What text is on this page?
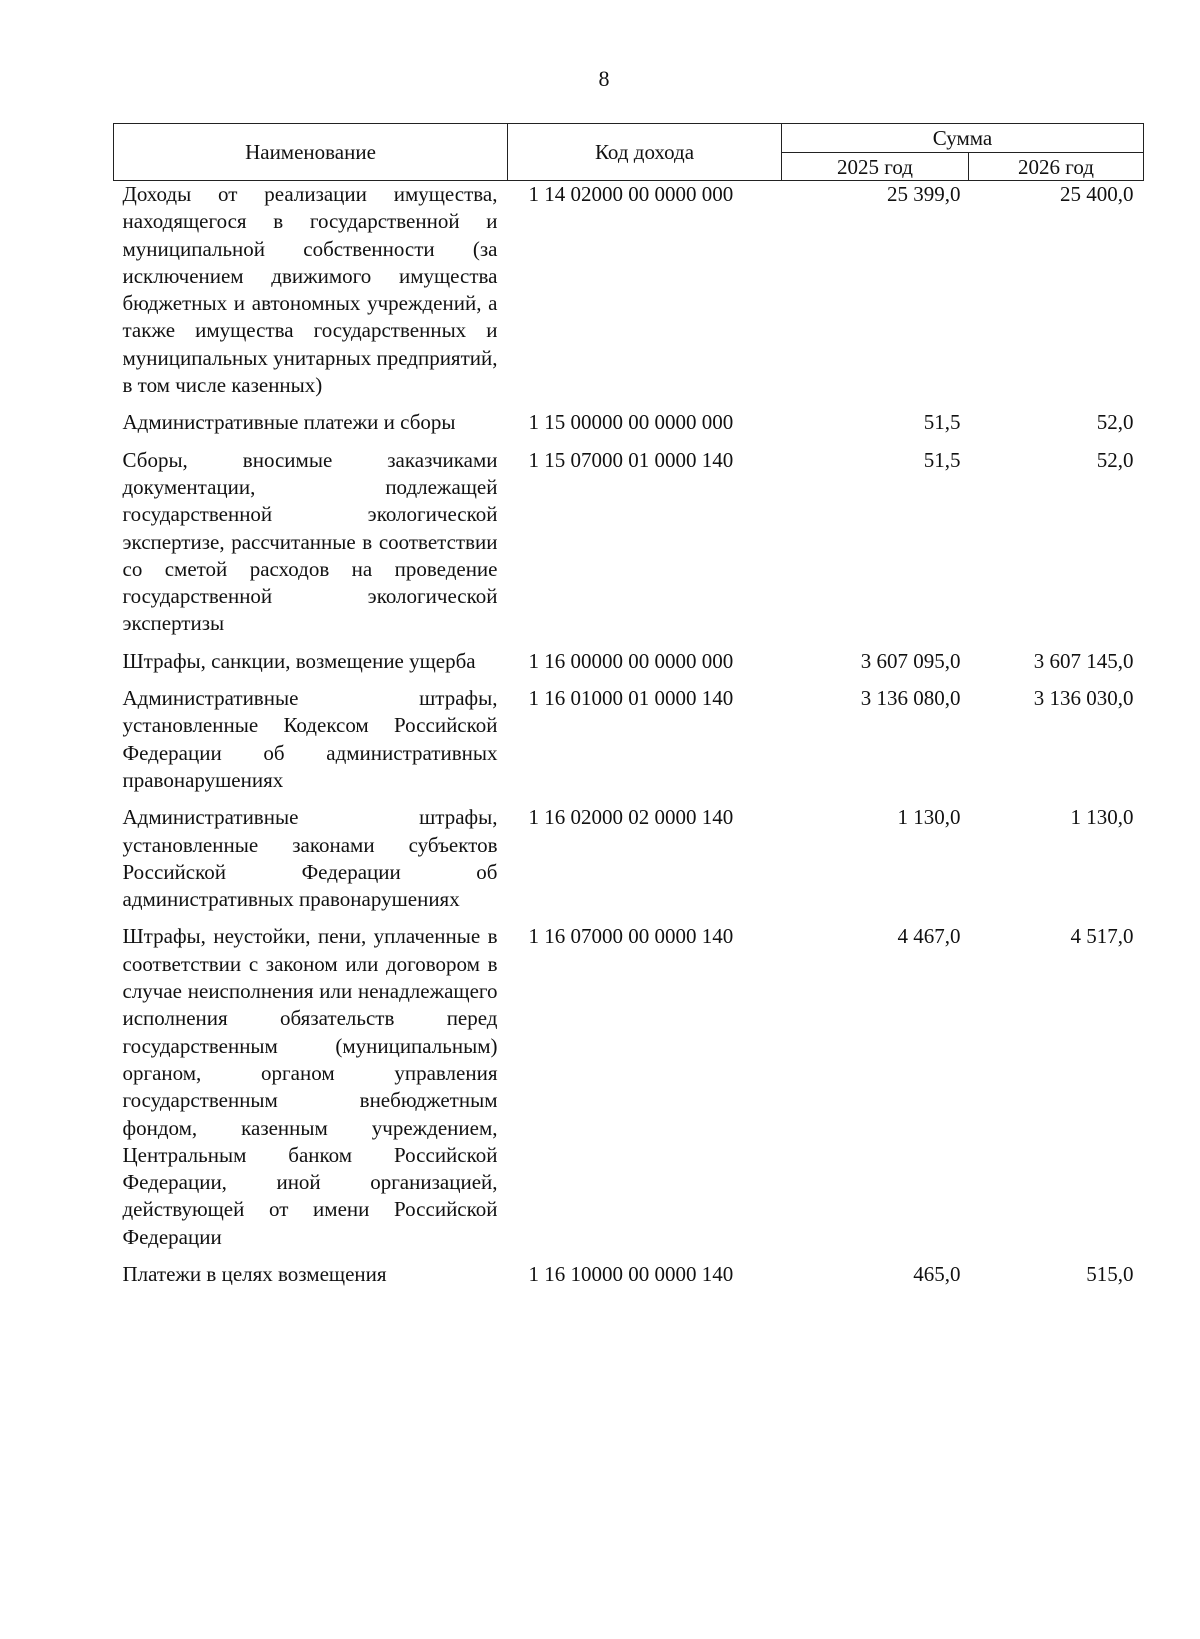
8
Наименование	Код дохода	Сумма	
		2025 год	2026 год
Доходы от реализации имущества, находящегося в государственной и муниципальной собственности (за исключением движимого имущества бюджетных и автономных учреждений, а также имущества государственных и муниципальных унитарных предприятий, в том числе казенных)	1 14 02000 00 0000 000	25 399,0	25 400,0

Административные платежи и сборы	1 15 00000 00 0000 000	51,5	52,0

Сборы, вносимые заказчиками документации, подлежащей государственной экологической экспертизе, рассчитанные в соответствии со сметой расходов на проведение государственной экологической экспертизы	1 15 07000 01 0000 140	51,5	52,0

Штрафы, санкции, возмещение ущерба	1 16 00000 00 0000 000	3 607 095,0	3 607 145,0

Административные штрафы, установленные Кодексом Российской Федерации об административных правонарушениях	1 16 01000 01 0000 140	3 136 080,0	3 136 030,0

Административные штрафы, установленные законами субъектов Российской Федерации об административных правонарушениях	1 16 02000 02 0000 140	1 130,0	1 130,0

Штрафы, неустойки, пени, уплаченные в соответствии с законом или договором в случае неисполнения или ненадлежащего исполнения обязательств перед государственным (муниципальным) органом, органом управления государственным внебюджетным фондом, казенным учреждением, Центральным банком Российской Федерации, иной организацией, действующей от имени Российской Федерации	1 16 07000 00 0000 140	4 467,0	4 517,0

Платежи в целях возмещения	1 16 10000 00 0000 140	465,0	515,0
